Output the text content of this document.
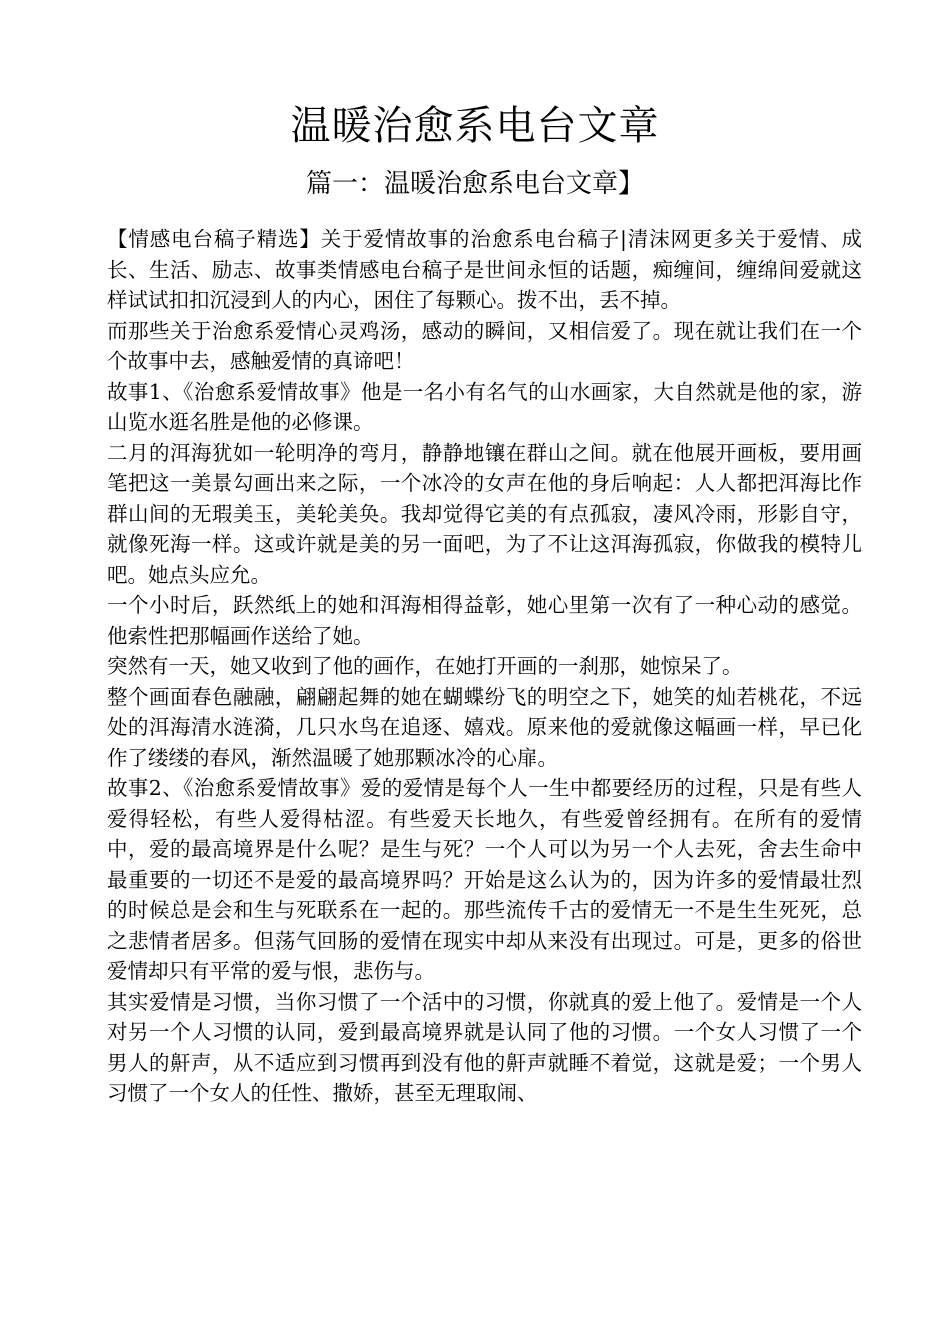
温暖治愈系电台文章
篇一：温暖治愈系电台文章】

【情感电台稿子精选】关于爱情故事的治愈系电台稿子|清沫网更多关于爱情、成长、生活、励志、故事类情感电台稿子是世间永恒的话题，痴缠间，缠绵间爱就这样试试扣扣沉浸到人的内心，困住了每颗心。拨不出，丢不掉。

而那些关于治愈系爱情心灵鸡汤，感动的瞬间，又相信爱了。现在就让我们在一个个故事中去，感触爱情的真谛吧！

故事1、《治愈系爱情故事》他是一名小有名气的山水画家，大自然就是他的家，游山览水逛名胜是他的必修课。

二月的洱海犹如一轮明净的弯月，静静地镶在群山之间。就在他展开画板，要用画笔把这一美景勾画出来之际，一个冰冷的女声在他的身后响起：人人都把洱海比作群山间的无瑕美玉，美轮美奂。我却觉得它美的有点孤寂，凄风冷雨，形影自守，就像死海一样。这或许就是美的另一面吧，为了不让这洱海孤寂，你做我的模特儿吧。她点头应允。

一个小时后，跃然纸上的她和洱海相得益彰，她心里第一次有了一种心动的感觉。他索性把那幅画作送给了她。

突然有一天，她又收到了他的画作，在她打开画的一刹那，她惊呆了。

整个画面春色融融，翩翩起舞的她在蝴蝶纷飞的明空之下，她笑的灿若桃花，不远处的洱海清水涟漪，几只水鸟在追逐、嬉戏。原来他的爱就像这幅画一样，早已化作了缕缕的春风，渐然温暖了她那颗冰冷的心扉。

故事2、《治愈系爱情故事》爱的爱情是每个人一生中都要经历的过程，只是有些人爱得轻松，有些人爱得枯涩。有些爱天长地久，有些爱曾经拥有。在所有的爱情中，爱的最高境界是什么呢？是生与死？一个人可以为另一个人去死，舍去生命中最重要的一切还不是爱的最高境界吗？开始是这么认为的，因为许多的爱情最壮烈的时候总是会和生与死联系在一起的。那些流传千古的爱情无一不是生生死死，总之悲情者居多。但荡气回肠的爱情在现实中却从来没有出现过。可是，更多的俗世爱情却只有平常的爱与恨，悲伤与。

其实爱情是习惯，当你习惯了一个活中的习惯，你就真的爱上他了。爱情是一个人对另一个人习惯的认同，爱到最高境界就是认同了他的习惯。一个女人习惯了一个男人的鼾声，从不适应到习惯再到没有他的鼾声就睡不着觉，这就是爱；一个男人习惯了一个女人的任性、撒娇，甚至无理取闹、
